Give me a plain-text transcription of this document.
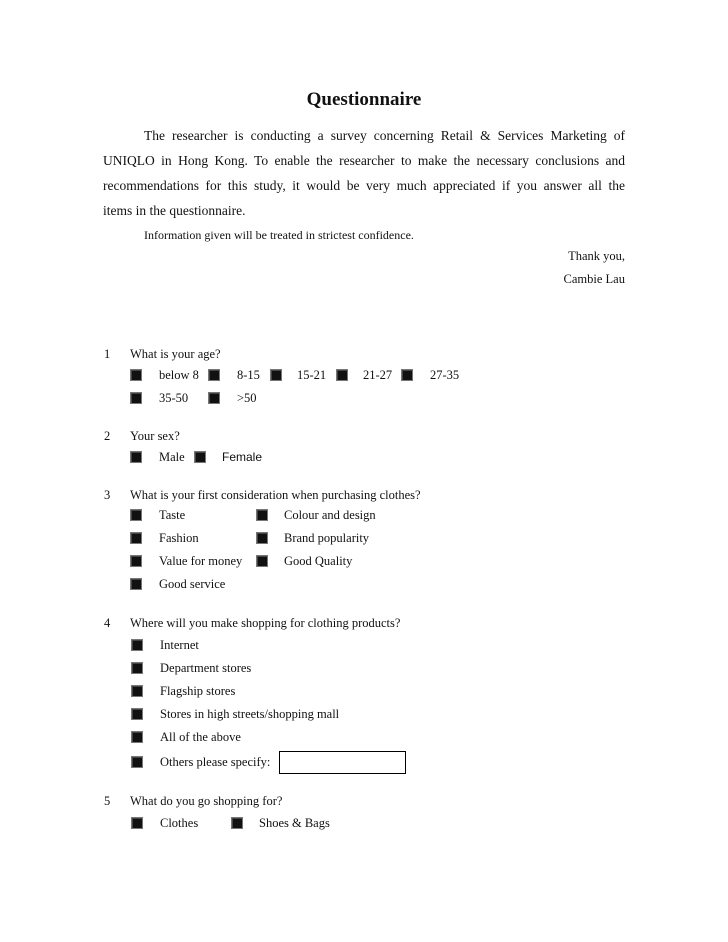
Questionnaire
The researcher is conducting a survey concerning Retail & Services Marketing of
UNIQLO in Hong Kong. To enable the researcher to make the necessary conclusions and
recommendations for this study, it would be very much appreciated if you answer all the
items in the questionnaire.
Information given will be treated in strictest confidence.
Thank you,
Cambie Lau
1 What is your age?
below 8	8-15	15-21	21-27	27-35
35-50	>50
2 Your sex?
Male	Female
3 What is your first consideration when purchasing clothes?
Taste	Colour and design
Fashion	Brand popularity
Value for money	Good Quality
Good service
4 Where will you make shopping for clothing products?
Internet
Department stores
Flagship stores
Stores in high streets/shopping mall
All of the above
Others please specify:
5 What do you go shopping for?
Clothes	Shoes & Bags
